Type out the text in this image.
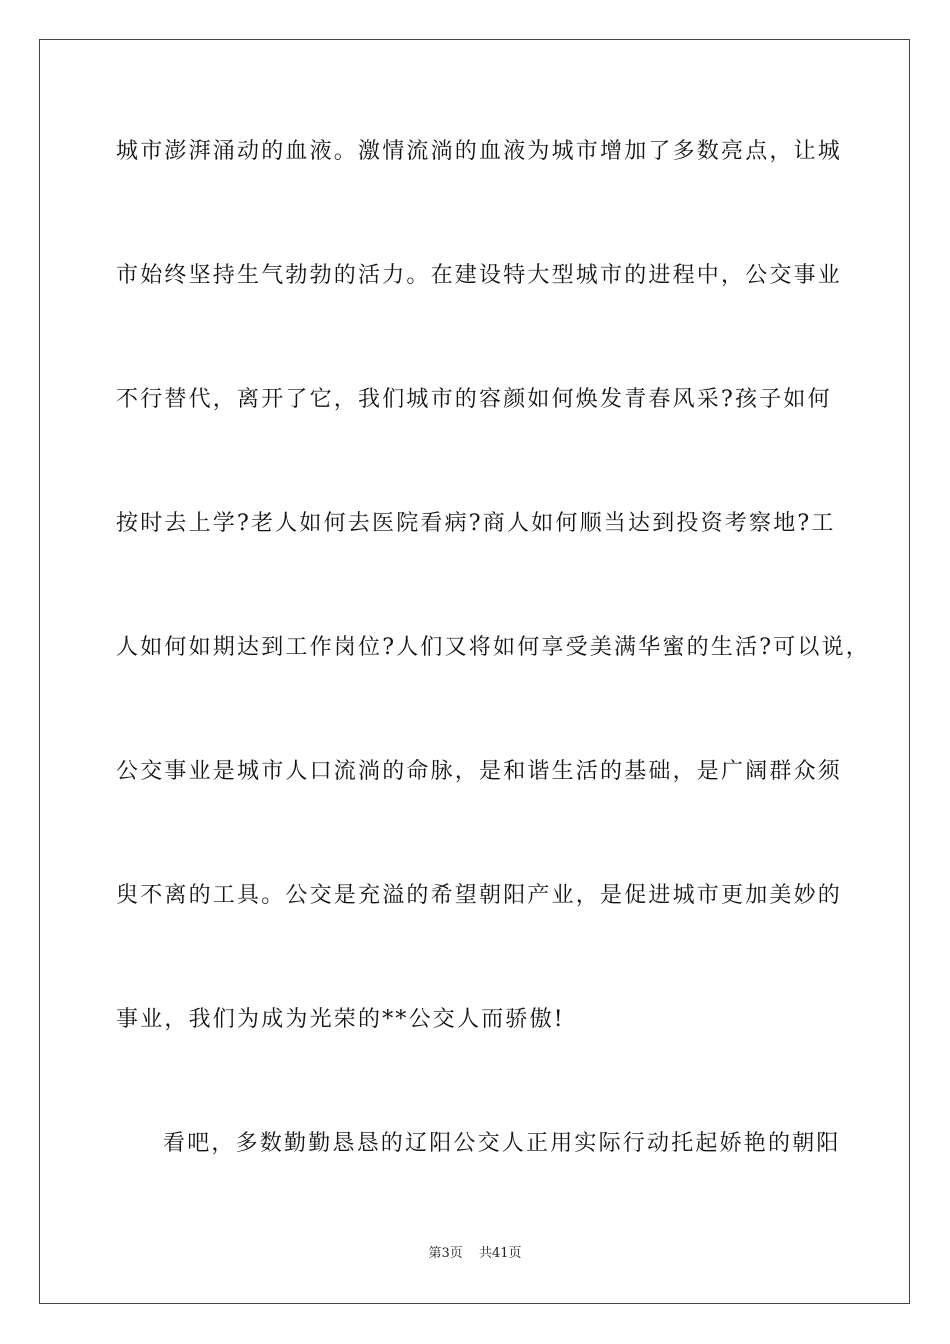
城市澎湃涌动的血液。激情流淌的血液为城市增加了多数亮点，让城
市始终坚持生气勃勃的活力。在建设特大型城市的进程中，公交事业
不行替代，离开了它，我们城市的容颜如何焕发青春风采?孩子如何
按时去上学?老人如何去医院看病?商人如何顺当达到投资考察地?工
人如何如期达到工作岗位?人们又将如何享受美满华蜜的生活?可以说，
公交事业是城市人口流淌的命脉，是和谐生活的基础，是广阔群众须
臾不离的工具。公交是充溢的希望朝阳产业，是促进城市更加美妙的
事业，我们为成为光荣的**公交人而骄傲!
看吧，多数勤勤恳恳的辽阳公交人正用实际行动托起娇艳的朝阳
第3页 共41页
